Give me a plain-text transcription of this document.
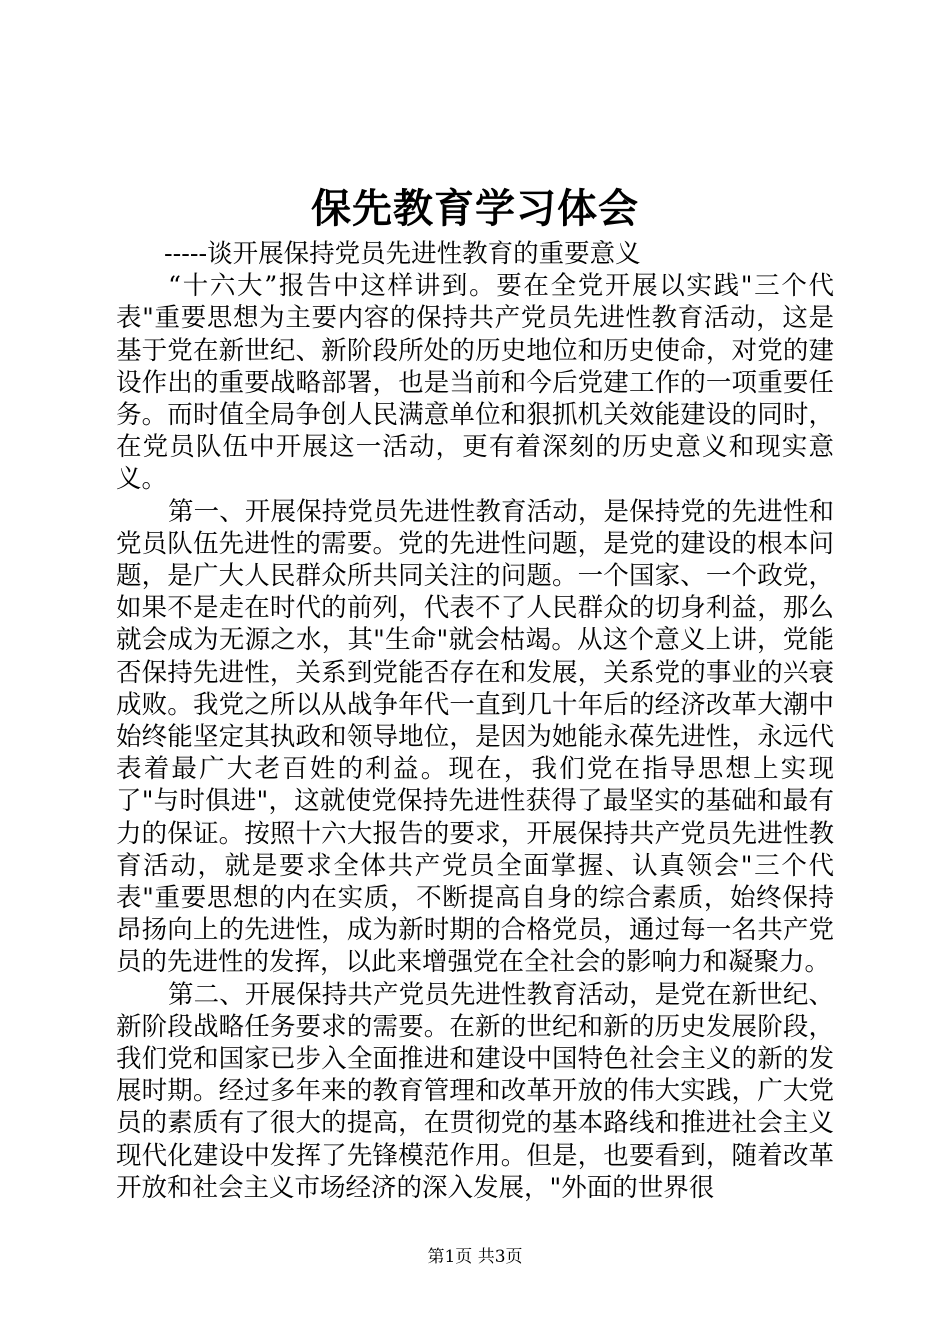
保先教育学习体会

-----谈开展保持党员先进性教育的重要意义

“十六大”报告中这样讲到。要在全党开展以实践"三个代表"重要思想为主要内容的保持共产党员先进性教育活动，这是基于党在新世纪、新阶段所处的历史地位和历史使命，对党的建设作出的重要战略部署，也是当前和今后党建工作的一项重要任务。而时值全局争创人民满意单位和狠抓机关效能建设的同时，在党员队伍中开展这一活动，更有着深刻的历史意义和现实意义。

第一、开展保持党员先进性教育活动，是保持党的先进性和党员队伍先进性的需要。党的先进性问题，是党的建设的根本问题，是广大人民群众所共同关注的问题。一个国家、一个政党，如果不是走在时代的前列，代表不了人民群众的切身利益，那么就会成为无源之水，其"生命"就会枯竭。从这个意义上讲，党能否保持先进性，关系到党能否存在和发展，关系党的事业的兴衰成败。我党之所以从战争年代一直到几十年后的经济改革大潮中始终能坚定其执政和领导地位，是因为她能永葆先进性，永远代表着最广大老百姓的利益。现在，我们党在指导思想上实现了"与时俱进"，这就使党保持先进性获得了最坚实的基础和最有力的保证。按照十六大报告的要求，开展保持共产党员先进性教育活动，就是要求全体共产党员全面掌握、认真领会"三个代表"重要思想的内在实质，不断提高自身的综合素质，始终保持昂扬向上的先进性，成为新时期的合格党员，通过每一名共产党员的先进性的发挥，以此来增强党在全社会的影响力和凝聚力。

第二、开展保持共产党员先进性教育活动，是党在新世纪、新阶段战略任务要求的需要。在新的世纪和新的历史发展阶段，我们党和国家已步入全面推进和建设中国特色社会主义的新的发展时期。经过多年来的教育管理和改革开放的伟大实践，广大党员的素质有了很大的提高，在贯彻党的基本路线和推进社会主义现代化建设中发挥了先锋模范作用。但是，也要看到，随着改革开放和社会主义市场经济的深入发展，"外面的世界很

第1页 共3页
